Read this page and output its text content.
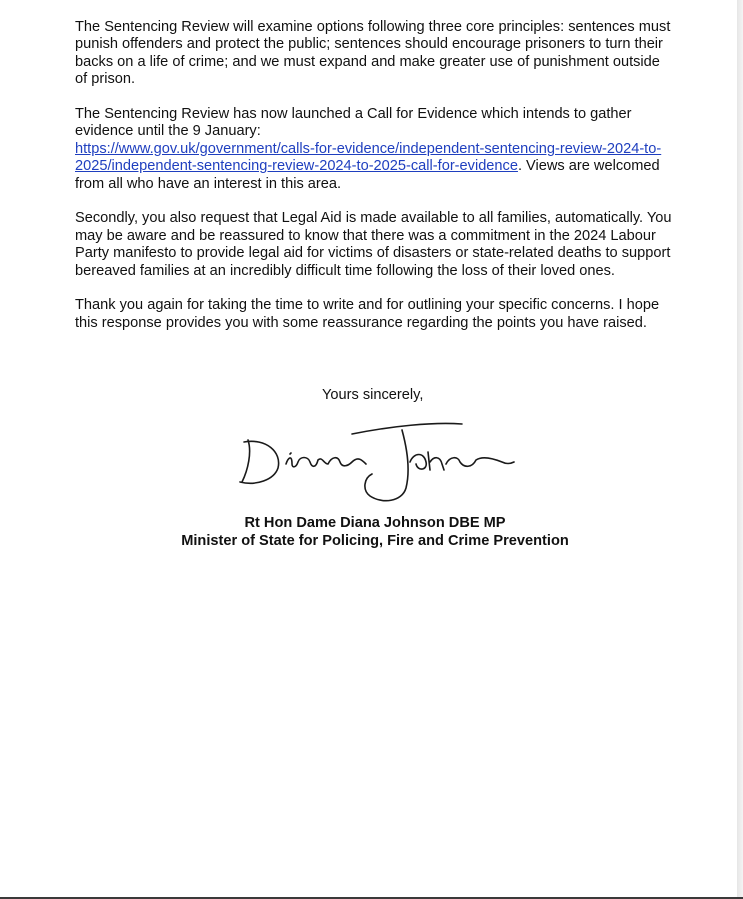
The Sentencing Review will examine options following three core principles: sentences must punish offenders and protect the public; sentences should encourage prisoners to turn their backs on a life of crime; and we must expand and make greater use of punishment outside of prison.

The Sentencing Review has now launched a Call for Evidence which intends to gather evidence until the 9 January:
https://www.gov.uk/government/calls-for-evidence/independent-sentencing-review-2024-to-2025/independent-sentencing-review-2024-to-2025-call-for-evidence. Views are welcomed from all who have an interest in this area.

Secondly, you also request that Legal Aid is made available to all families, automatically. You may be aware and be reassured to know that there was a commitment in the 2024 Labour Party manifesto to provide legal aid for victims of disasters or state-related deaths to support bereaved families at an incredibly difficult time following the loss of their loved ones.

Thank you again for taking the time to write and for outlining your specific concerns. I hope this response provides you with some reassurance regarding the points you have raised.

Yours sincerely,
Diana Johnson
Rt Hon Dame Diana Johnson DBE MP
Minister of State for Policing, Fire and Crime Prevention
